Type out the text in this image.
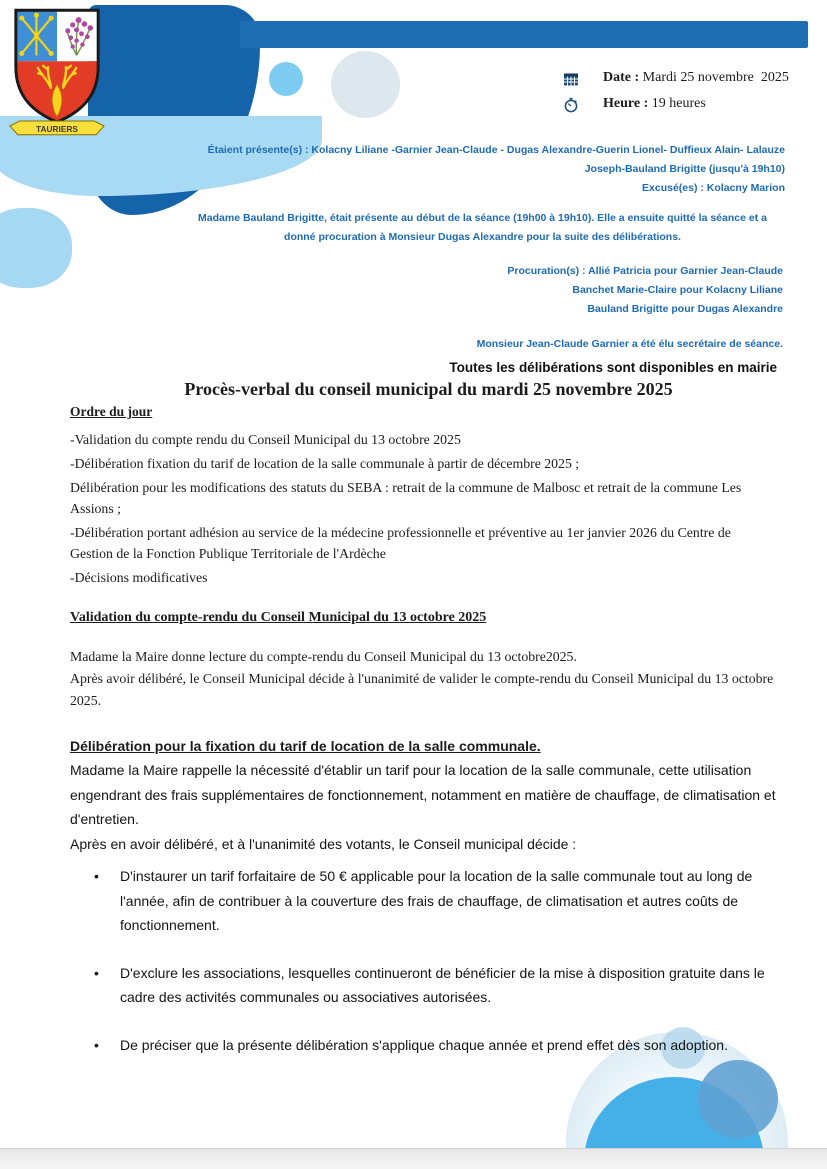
TAURIERS
Date : Mardi 25 novembre  2025
Heure : 19 heures
Étaient présente(s) : Kolacny Liliane -Garnier Jean-Claude - Dugas Alexandre-Guerin Lionel- Duffieux Alain- Lalauze
Joseph-Bauland Brigitte (jusqu'à 19h10)
Excusé(es) : Kolacny Marion
Madame Bauland Brigitte, était présente au début de la séance (19h00 à 19h10). Elle a ensuite quitté la séance et a
donné procuration à Monsieur Dugas Alexandre pour la suite des délibérations.
Procuration(s) : Allié Patricia pour Garnier Jean-Claude
Banchet Marie-Claire pour Kolacny Liliane
Bauland Brigitte pour Dugas Alexandre
Monsieur Jean-Claude Garnier a été élu secrétaire de séance.
Toutes les délibérations sont disponibles en mairie
Procès-verbal du conseil municipal du mardi 25 novembre 2025
Ordre du jour
-Validation du compte rendu du Conseil Municipal du 13 octobre 2025
-Délibération fixation du tarif de location de la salle communale à partir de décembre 2025 ;
Délibération pour les modifications des statuts du SEBA : retrait de la commune de Malbosc et retrait de la commune Les Assions ;
-Délibération portant adhésion au service de la médecine professionnelle et préventive au 1er janvier 2026 du Centre de Gestion de la Fonction Publique Territoriale de l'Ardèche
-Décisions modificatives
Validation du compte-rendu du Conseil Municipal du 13 octobre 2025

Madame la Maire donne lecture du compte-rendu du Conseil Municipal du 13 octobre2025.

Après avoir délibéré, le Conseil Municipal décide à l'unanimité de valider le compte-rendu du Conseil Municipal du 13 octobre 2025.

Délibération pour la fixation du tarif de location de la salle communale.

Madame la Maire rappelle la nécessité d'établir un tarif pour la location de la salle communale, cette utilisation engendrant des frais supplémentaires de fonctionnement, notamment en matière de chauffage, de climatisation et d'entretien.

Après en avoir délibéré, et à l'unanimité des votants, le Conseil municipal décide :

• D'instaurer un tarif forfaitaire de 50 € applicable pour la location de la salle communale tout au long de l'année, afin de contribuer à la couverture des frais de chauffage, de climatisation et autres coûts de fonctionnement.
• D'exclure les associations, lesquelles continueront de bénéficier de la mise à disposition gratuite dans le cadre des activités communales ou associatives autorisées.
• De préciser que la présente délibération s'applique chaque année et prend effet dès son adoption.
